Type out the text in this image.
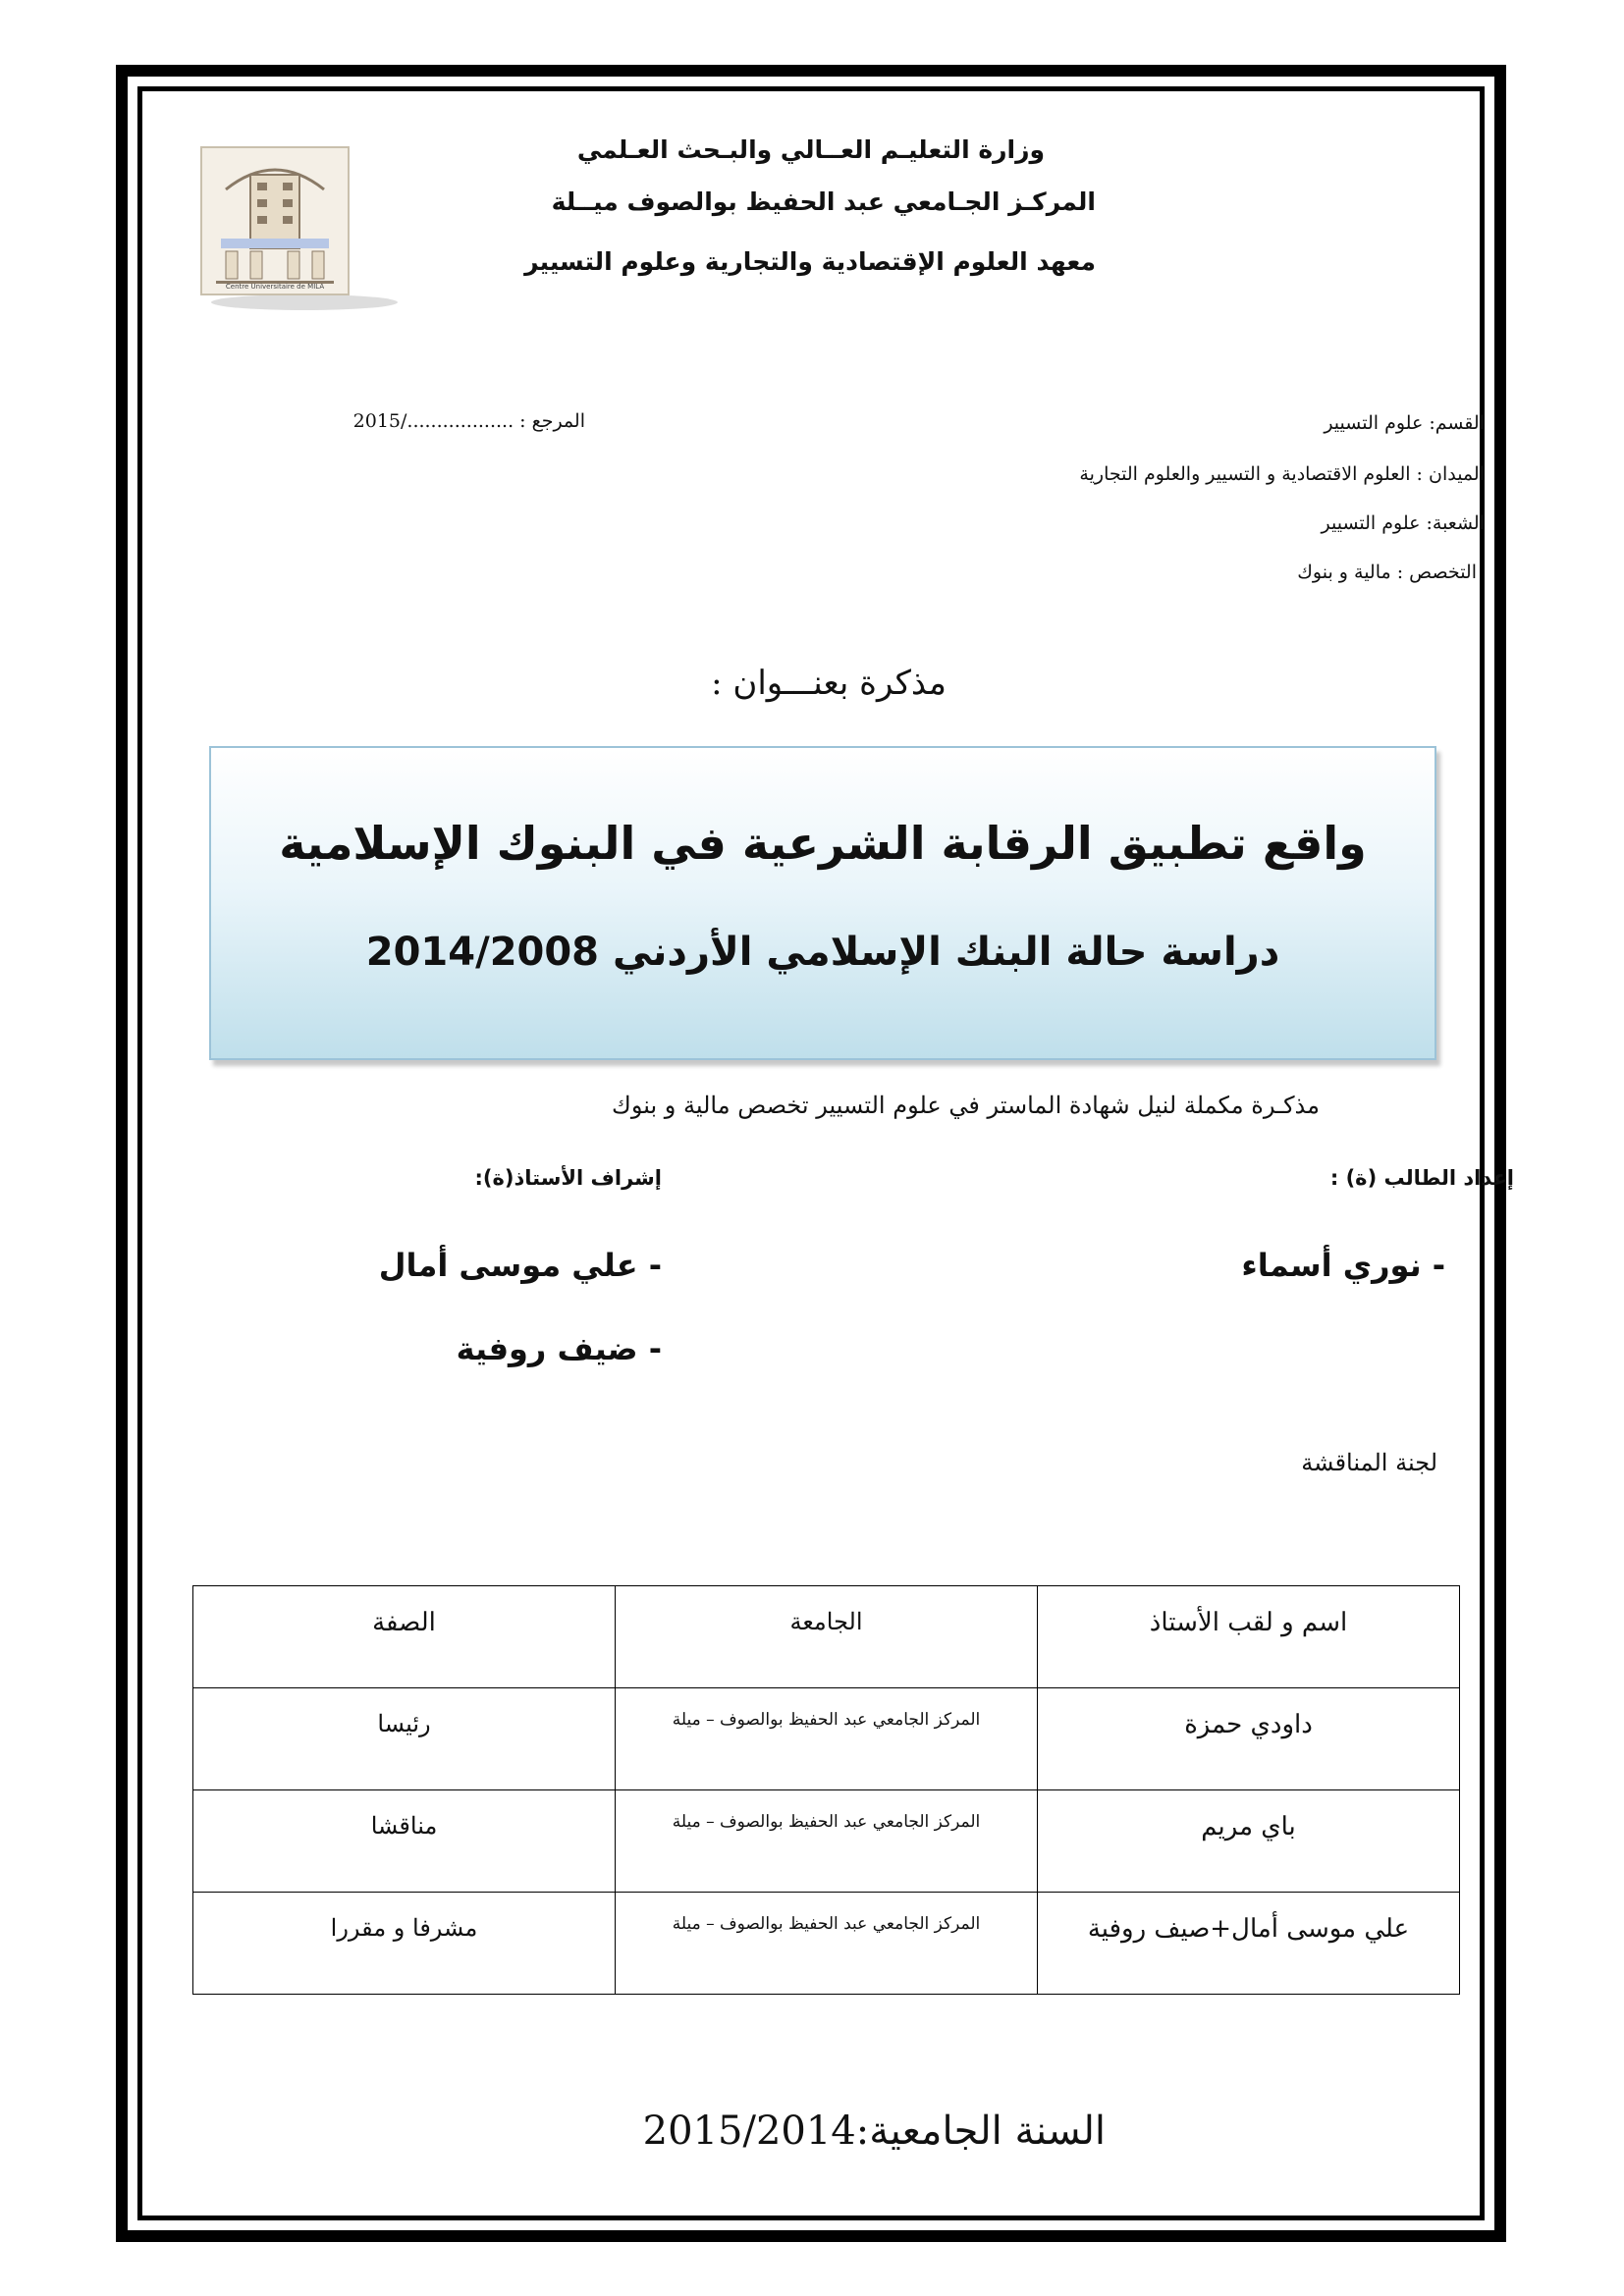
Centre Universitaire de MILA
وزارة التعليـم العــالي والبـحث العـلمي
المركـز الجـامعي عبد الحفيظ بوالصوف ميــلة
معهد العلوم الإقتصادية والتجارية وعلوم التسيير
القسم: علوم التسيير
المرجع : ................../2015
الميدان : العلوم الاقتصادية و التسيير والعلوم التجارية
الشعبة: علوم التسيير
التخصص : مالية و بنوك
مذكرة بعنـــوان :
واقع تطبيق الرقابة الشرعية في البنوك الإسلامية
دراسة حالة البنك الإسلامي الأردني 2014/2008
مذكـرة مكملة لنيل شهادة الماستر في علوم التسيير تخصص مالية و بنوك
إعداد الطالب (ة) :
إشراف الأستاذ(ة):
- نوري أسماء
- علي موسى أمال
- ضيف روفية
لجنة المناقشة
اسم و لقب الأستاذ	الجامعة	الصفة
داودي حمزة	المركز الجامعي عبد الحفيظ بوالصوف – ميلة	رئيسا
باي مريم	المركز الجامعي عبد الحفيظ بوالصوف – ميلة	مناقشا
علي موسى أمال+صيف روفية	المركز الجامعي عبد الحفيظ بوالصوف – ميلة	مشرفا و مقررا
السنة الجامعية:2015/2014
